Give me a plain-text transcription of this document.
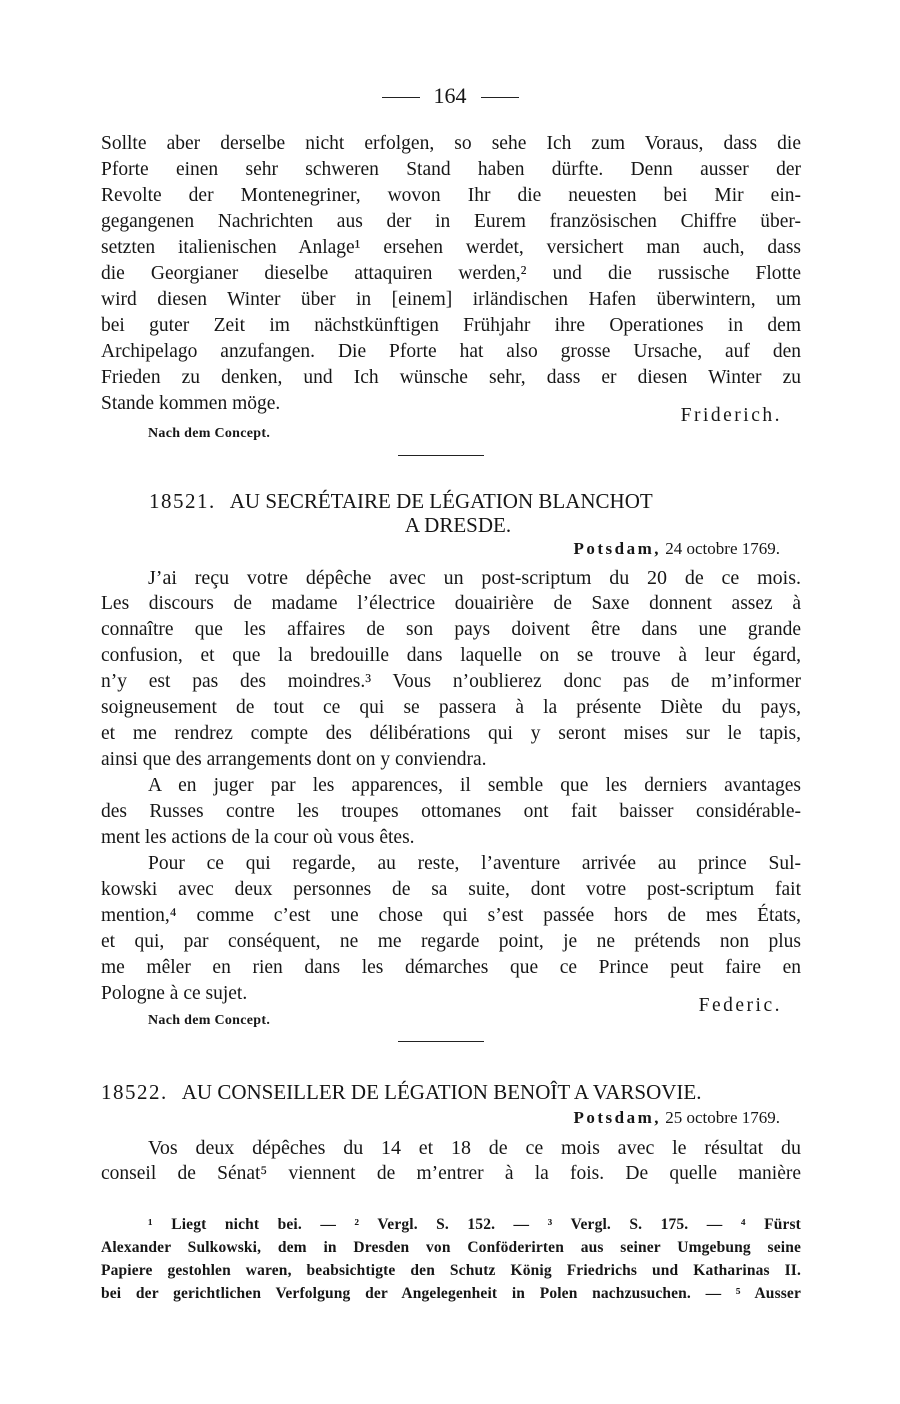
164
Sollte aber derselbe nicht erfolgen, so sehe Ich zum Voraus, dass die
Pforte einen sehr schweren Stand haben dürfte. Denn ausser der
Revolte der Montenegriner, wovon Ihr die neuesten bei Mir ein-
gegangenen Nachrichten aus der in Eurem französischen Chiffre über-
setzten italienischen Anlage¹ ersehen werdet, versichert man auch, dass
die Georgianer dieselbe attaquiren werden,² und die russische Flotte
wird diesen Winter über in [einem] irländischen Hafen überwintern, um
bei guter Zeit im nächstkünftigen Frühjahr ihre Operationes in dem
Archipelago anzufangen. Die Pforte hat also grosse Ursache, auf den
Frieden zu denken, und Ich wünsche sehr, dass er diesen Winter zu
Stande kommen möge.
Friderich.
Nach dem Concept.
18521. AU SECRÉTAIRE DE LÉGATION BLANCHOT
A DRESDE.
Potsdam, 24 octobre 1769.
J’ai reçu votre dépêche avec un post-scriptum du 20 de ce mois.
Les discours de madame l’électrice douairière de Saxe donnent assez à
connaître que les affaires de son pays doivent être dans une grande
confusion, et que la bredouille dans laquelle on se trouve à leur égard,
n’y est pas des moindres.³ Vous n’oublierez donc pas de m’informer
soigneusement de tout ce qui se passera à la présente Diète du pays,
et me rendrez compte des délibérations qui y seront mises sur le tapis,
ainsi que des arrangements dont on y conviendra.
A en juger par les apparences, il semble que les derniers avantages
des Russes contre les troupes ottomanes ont fait baisser considérable-
ment les actions de la cour où vous êtes.
Pour ce qui regarde, au reste, l’aventure arrivée au prince Sul-
kowski avec deux personnes de sa suite, dont votre post-scriptum fait
mention,⁴ comme c’est une chose qui s’est passée hors de mes États,
et qui, par conséquent, ne me regarde point, je ne prétends non plus
me mêler en rien dans les démarches que ce Prince peut faire en
Pologne à ce sujet.
Federic.
Nach dem Concept.
18522. AU CONSEILLER DE LÉGATION BENOÎT A VARSOVIE.
Potsdam, 25 octobre 1769.
Vos deux dépêches du 14 et 18 de ce mois avec le résultat du
conseil de Sénat⁵ viennent de m’entrer à la fois. De quelle manière
¹ Liegt nicht bei. — ² Vergl. S. 152. — ³ Vergl. S. 175. — ⁴ Fürst
Alexander Sulkowski, dem in Dresden von Conföderirten aus seiner Umgebung seine
Papiere gestohlen waren, beabsichtigte den Schutz König Friedrichs und Katharinas II.
bei der gerichtlichen Verfolgung der Angelegenheit in Polen nachzusuchen. — ⁵ Ausser
